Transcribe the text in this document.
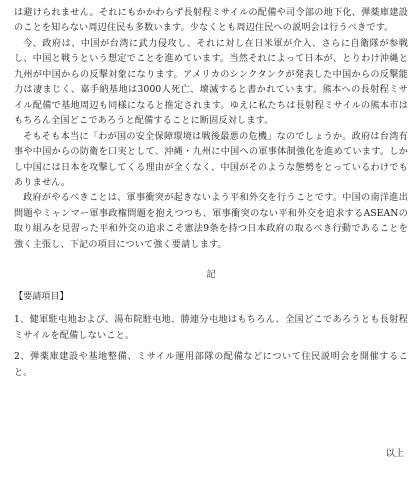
は避けられません。それにもかかわらず長射程ミサイルの配備や司令部の地下化、弾薬庫建設のことを知らない周辺住民も多数います。少なくとも周辺住民への説明会は行うべきです。

今、政府は、中国が台湾に武力侵攻し、それに対し在日米軍が介入、さらに自衛隊が参戦し、中国と戦うという想定でことを進めています。当然それによって日本が、とりわけ沖縄と九州が中国からの反撃対象になります。アメリカのシンクタンクが発表した中国からの反撃能力は凄まじく、嘉手納基地は3000人死亡、壊滅すると書かれています。熊本への長射程ミサイル配備で基地周辺も同様になると推定されます。ゆえに私たちは長射程ミサイルの熊本市はもちろん全国どこであろうと配備することに断固反対します。

そもそも本当に「わが国の安全保障環境は戦後最悪の危機」なのでしょうか。政府は台湾有事や中国からの防衛を口実として、沖縄・九州に中国への軍事体制強化を進めています。しかし中国には日本を攻撃してくる理由が全くなく、中国がそのような態勢をとっているわけでもありません。

政府がやるべきことは、軍事衝突が起きないよう平和外交を行うことです。中国の南洋進出問題やミャンマー軍事政権問題を抱えつつも、軍事衝突のない平和外交を追求するASEANの取り組みを見習った平和外交の追求こそ憲法9条を持つ日本政府の取るべき行動であることを強く主張し、下記の項目について強く要請します。

記

【要請項目】

1、健軍駐屯地および、湯布院駐屯地、勝連分屯地はもちろん、全国どこであろうとも長射程ミサイルを配備しないこと。

2、弾薬庫建設や基地整備、ミサイル運用部隊の配備などについて住民説明会を開催すること。

以上
